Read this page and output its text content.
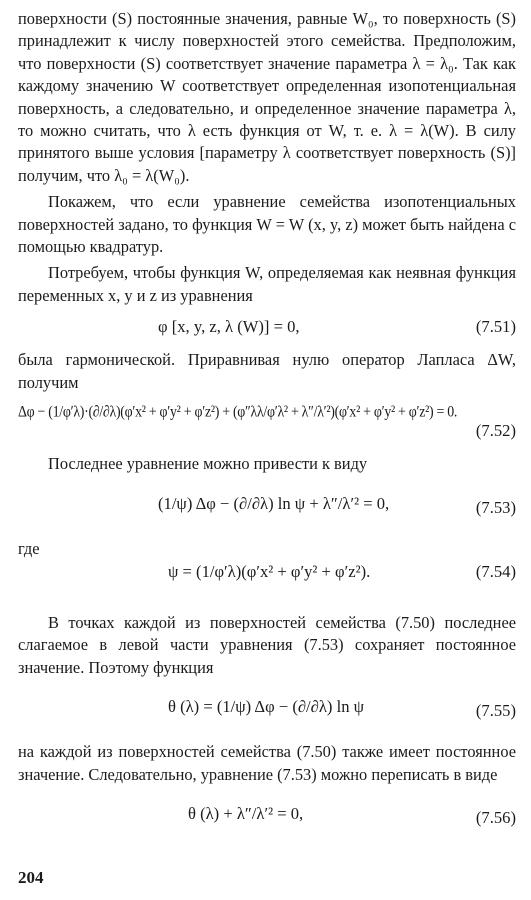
поверхности (S) постоянные значения, равные W₀, то поверхность (S) принадлежит к числу поверхностей этого семейства. Предположим, что поверхности (S) соответствует значение параметра λ = λ₀. Так как каждому значению W соответствует определенная изопотенциальная поверхность, а следовательно, и определенное значение параметра λ, то можно считать, что λ есть функция от W, т. е. λ = λ(W). В силу принятого выше условия [параметру λ соответствует поверхность (S)] получим, что λ₀ = λ(W₀).

Покажем, что если уравнение семейства изопотенциальных поверхностей задано, то функция W = W (x, y, z) может быть найдена с помощью квадратур.

Потребуем, чтобы функция W, определяемая как неявная функция переменных x, y и z из уравнения

φ [x, y, z, λ (W)] = 0,	(7.51)

была гармонической. Приравнивая нулю оператор Лапласа ΔW, получим

Δφ − (1/φ′λ)·(∂/∂λ)(φ′x² + φ′y² + φ′z²) + (φ″λλ/φ′λ² + λ″/λ′²)(φ′x² + φ′y² + φ′z²) = 0.
(7.52)

Последнее уравнение можно привести к виду

(1/ψ) Δφ − (∂/∂λ) ln ψ + λ″/λ′² = 0,	(7.53)

где

ψ = (1/φ′λ)(φ′x² + φ′y² + φ′z²).	(7.54)

В точках каждой из поверхностей семейства (7.50) последнее слагаемое в левой части уравнения (7.53) сохраняет постоянное значение. Поэтому функция

θ (λ) = (1/ψ) Δφ − (∂/∂λ) ln ψ	(7.55)

на каждой из поверхностей семейства (7.50) также имеет постоянное значение. Следовательно, уравнение (7.53) можно переписать в виде

θ (λ) + λ″/λ′² = 0,	(7.56)
204
